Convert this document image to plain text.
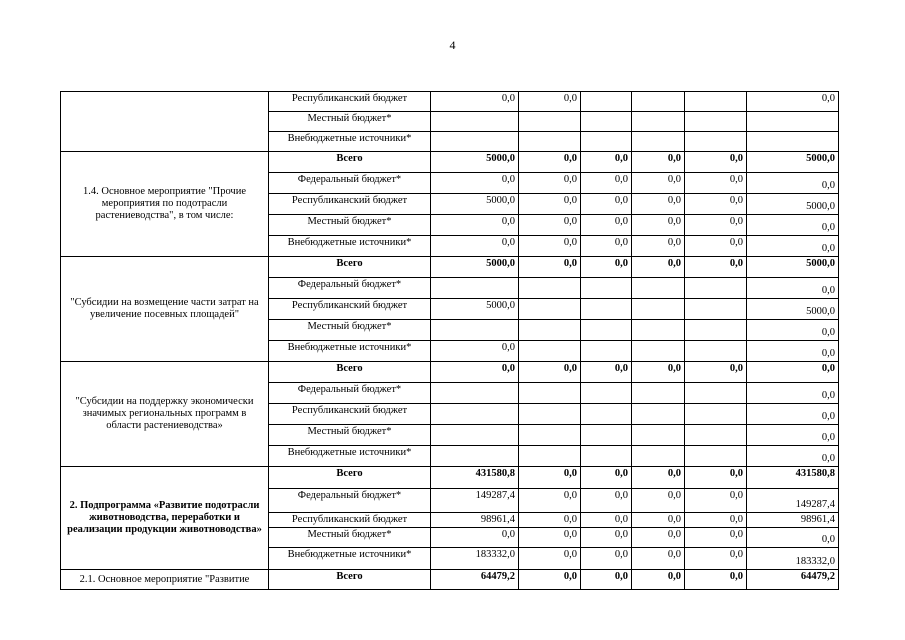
4
	Республиканский бюджет	0,0	0,0				0,0
	Местный бюджет*						
	Внебюджетные источники*						
1.4. Основное мероприятие "Прочие мероприятия по подотрасли растениеводства", в том числе:	Всего	5000,0	0,0	0,0	0,0	0,0	5000,0
	Федеральный бюджет*	0,0	0,0	0,0	0,0	0,0	0,0
	Республиканский бюджет	5000,0	0,0	0,0	0,0	0,0	5000,0
	Местный бюджет*	0,0	0,0	0,0	0,0	0,0	0,0
	Внебюджетные источники*	0,0	0,0	0,0	0,0	0,0	0,0
"Субсидии на возмещение части затрат на увеличение посевных площадей"	Всего	5000,0	0,0	0,0	0,0	0,0	5000,0
	Федеральный бюджет*						0,0
	Республиканский бюджет	5000,0					5000,0
	Местный бюджет*						0,0
	Внебюджетные источники*	0,0					0,0
"Субсидии на поддержку экономически значимых региональных программ в области растениеводства»	Всего	0,0	0,0	0,0	0,0	0,0	0,0
	Федеральный бюджет*						0,0
	Республиканский бюджет						0,0
	Местный бюджет*						0,0
	Внебюджетные источники*						0,0
2. Подпрограмма «Развитие подотрасли животноводства, переработки и реализации продукции животноводства»	Всего	431580,8	0,0	0,0	0,0	0,0	431580,8
	Федеральный бюджет*	149287,4	0,0	0,0	0,0	0,0	149287,4
	Республиканский бюджет	98961,4	0,0	0,0	0,0	0,0	98961,4
	Местный бюджет*	0,0	0,0	0,0	0,0	0,0	0,0
	Внебюджетные источники*	183332,0	0,0	0,0	0,0	0,0	183332,0
2.1. Основное мероприятие "Развитие	Всего	64479,2	0,0	0,0	0,0	0,0	64479,2
